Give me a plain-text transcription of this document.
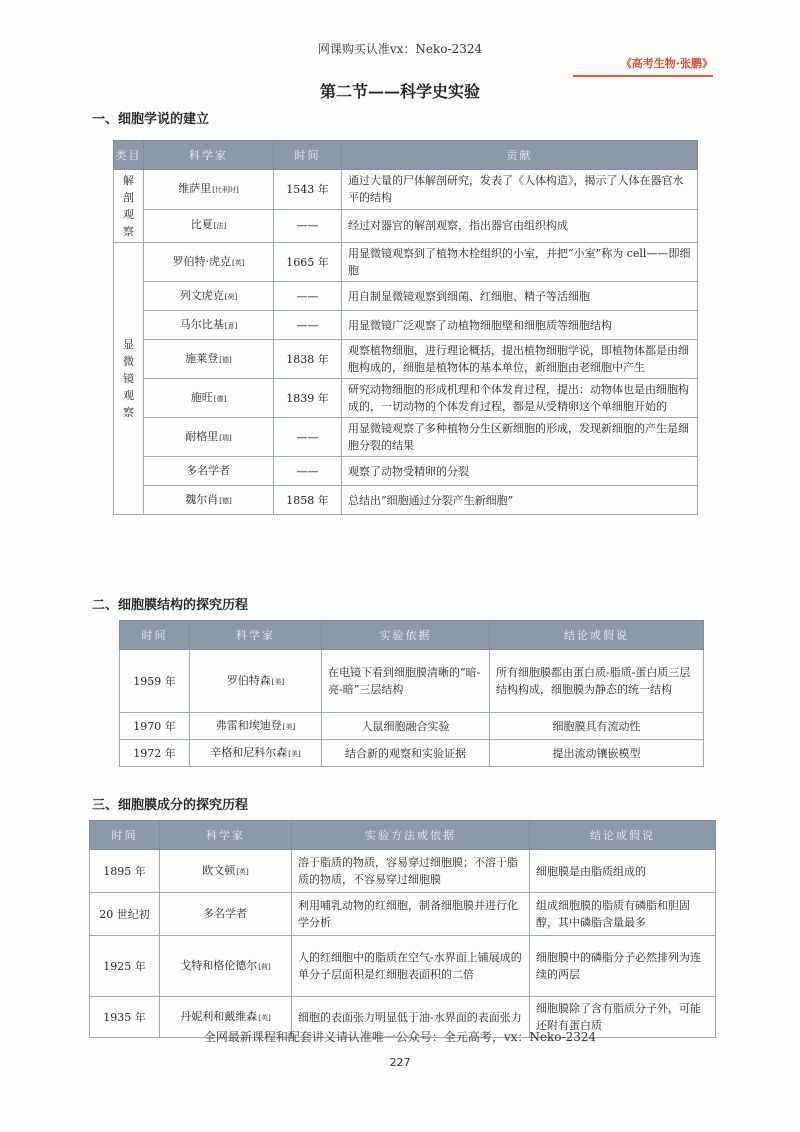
网课购买认准vx：Neko-2324
《高考生物·张鹏》
第二节——科学史实验
一、细胞学说的建立
类目	科学家	时间	贡献

解
剖
观
察	维萨里[比利时]	1543 年	通过大量的尸体解剖研究，发表了《人体构造》，揭示了人体在器官水平的结构
	比夏[法]	——	经过对器官的解剖观察，指出器官由组织构成

显
微
镜
观
察	罗伯特·虎克[英]	1665 年	用显微镜观察到了植物木栓组织的小室，并把“小室”称为 cell——即细胞
	列文虎克[荷]	——	用自制显微镜观察到细菌、红细胞、精子等活细胞
	马尔比基[意]	——	用显微镜广泛观察了动植物细胞壁和细胞质等细胞结构
	施莱登[德]	1838 年	观察植物细胞，进行理论概括，提出植物细胞学说，即植物体都是由细胞构成的，细胞是植物体的基本单位，新细胞由老细胞中产生
	施旺[德]	1839 年	研究动物细胞的形成机理和个体发育过程，提出：动物体也是由细胞构成的，一切动物的个体发育过程，都是从受精卵这个单细胞开始的
	耐格里[瑞]	——	用显微镜观察了多种植物分生区新细胞的形成，发现新细胞的产生是细胞分裂的结果
	多名学者	——	观察了动物受精卵的分裂
	魏尔肖[德]	1858 年	总结出“细胞通过分裂产生新细胞”
二、细胞膜结构的探究历程
时间	科学家	实验依据	结论或假说
1959 年	罗伯特森[美]	在电镜下看到细胞膜清晰的“暗-亮-暗”三层结构	所有细胞膜都由蛋白质-脂质-蛋白质三层结构构成，细胞膜为静态的统一结构
1970 年	弗雷和埃迪登[美]	人鼠细胞融合实验	细胞膜具有流动性
1972 年	辛格和尼科尔森[美]	结合新的观察和实验证据	提出流动镶嵌模型
三、细胞膜成分的探究历程
时间	科学家	实验方法或依据	结论或假说
1895 年	欧文顿[英]	溶于脂质的物质，容易穿过细胞膜；不溶于脂质的物质，不容易穿过细胞膜	细胞膜是由脂质组成的
20 世纪初	多名学者	利用哺乳动物的红细胞，制备细胞膜并进行化学分析	组成细胞膜的脂质有磷脂和胆固醇，其中磷脂含量最多
1925 年	戈特和格伦德尔[荷]	人的红细胞中的脂质在空气-水界面上铺展成的单分子层面积是红细胞表面积的二倍	细胞膜中的磷脂分子必然排列为连续的两层
1935 年	丹妮利和戴维森[英]	细胞的表面张力明显低于油-水界面的表面张力	细胞膜除了含有脂质分子外，可能还附有蛋白质
全网最新课程和配套讲义请认准唯一公众号：全元高考，vx：Neko-2324
227
